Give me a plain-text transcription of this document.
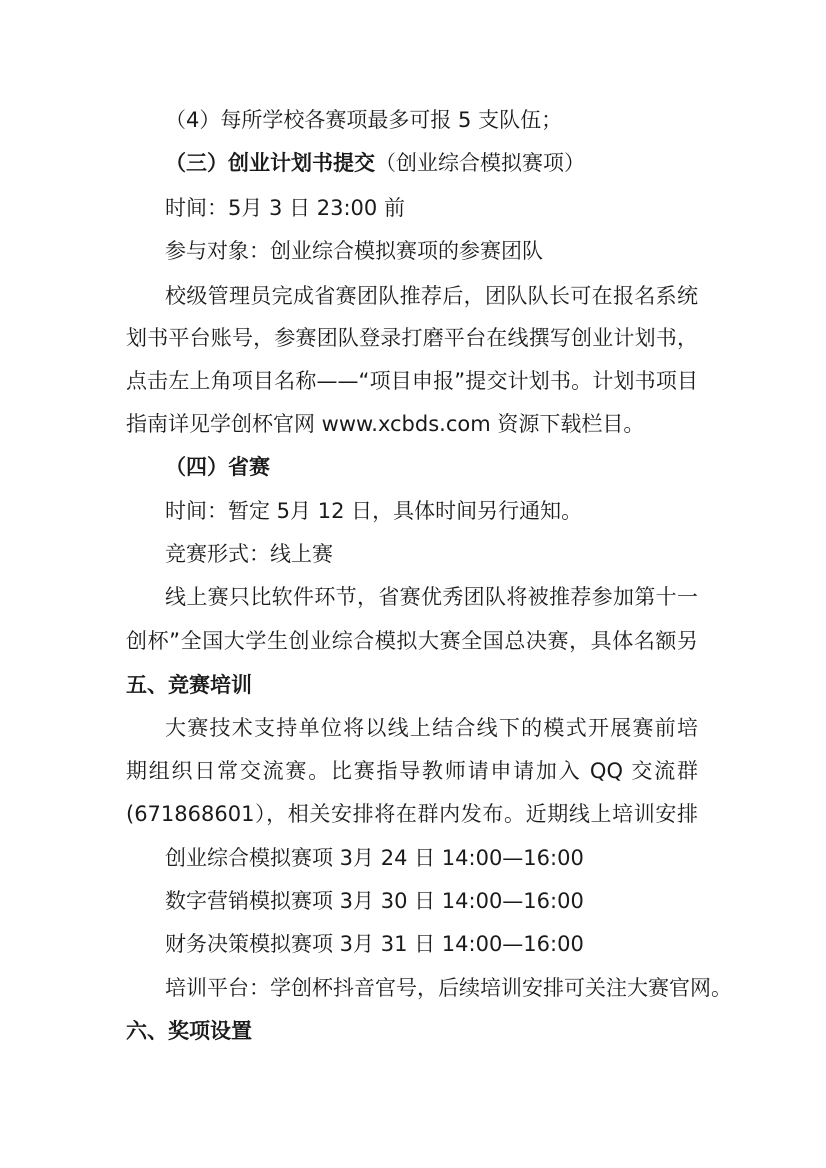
（4）每所学校各赛项最多可报 5 支队伍；
（三）创业计划书提交（创业综合模拟赛项）
时间：5月 3 日 23:00 前
参与对象：创业综合模拟赛项的参赛团队
校级管理员完成省赛团队推荐后，团队队长可在报名系统
划书平台账号，参赛团队登录打磨平台在线撰写创业计划书，
点击左上角项目名称——“项目申报”提交计划书。计划书项目
指南详见学创杯官网 www.xcbds.com 资源下载栏目。
（四）省赛
时间：暂定 5月 12 日，具体时间另行通知。
竞赛形式：线上赛
线上赛只比软件环节，省赛优秀团队将被推荐参加第十一
创杯”全国大学生创业综合模拟大赛全国总决赛，具体名额另
五、竞赛培训
大赛技术支持单位将以线上结合线下的模式开展赛前培
期组织日常交流赛。比赛指导教师请申请加入 QQ 交流群
(671868601），相关安排将在群内发布。近期线上培训安排
创业综合模拟赛项 3月 24 日 14:00—16:00
数字营销模拟赛项 3月 30 日 14:00—16:00
财务决策模拟赛项 3月 31 日 14:00—16:00
培训平台：学创杯抖音官号，后续培训安排可关注大赛官网。
六、奖项设置
